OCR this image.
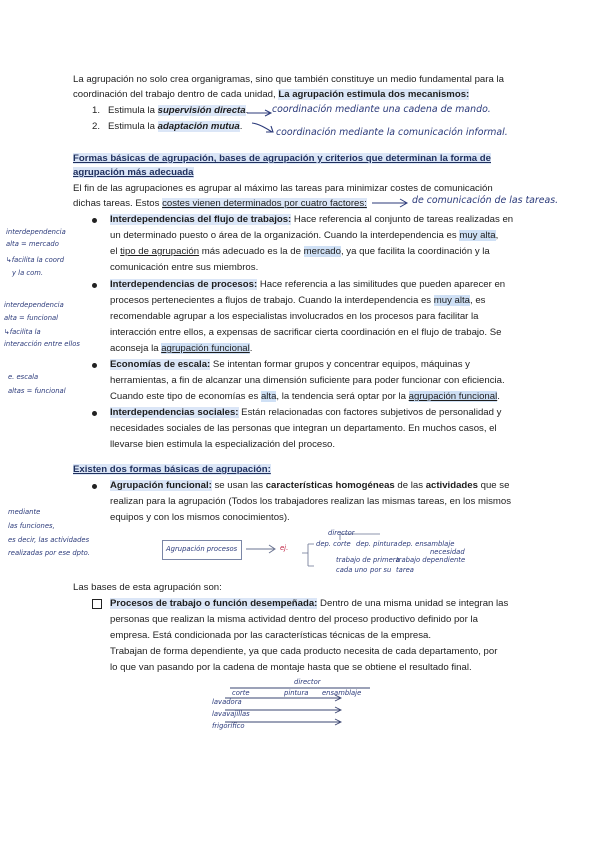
La agrupación no solo crea organigramas, sino que también constituye un medio fundamental para la
coordinación del trabajo dentro de cada unidad, La agrupación estimula dos mecanismos:
1. Estimula la supervisión directa.	coordinación mediante una cadena de mando.
2. Estimula la adaptación mutua.
coordinación mediante la comunicación informal.
Formas básicas de agrupación, bases de agrupación y criterios que determinan la forma de
agrupación más adecuada
El fin de las agrupaciones es agrupar al máximo las tareas para minimizar costes de comunicación
dichas tareas. Estos costes vienen determinados por cuatro factores:	de comunicación de las tareas.
Interdependencias del flujo de trabajos: Hace referencia al conjunto de tareas realizadas en
un determinado puesto o área de la organización. Cuando la interdependencia es muy alta,
el tipo de agrupación más adecuado es la de mercado, ya que facilita la coordinación y la
comunicación entre sus miembros.
Interdependencias de procesos: Hace referencia a las similitudes que pueden aparecer en
procesos pertenecientes a flujos de trabajo. Cuando la interdependencia es muy alta, es
recomendable agrupar a los especialistas involucrados en los procesos para facilitar la
interacción entre ellos, a expensas de sacrificar cierta coordinación en el flujo de trabajo. Se
aconseja la agrupación funcional.
Economías de escala: Se intentan formar grupos y concentrar equipos, máquinas y
herramientas, a fin de alcanzar una dimensión suficiente para poder funcionar con eficiencia.
Cuando este tipo de economías es alta, la tendencia será optar por la agrupación funcional.
Interdependencias sociales: Están relacionadas con factores subjetivos de personalidad y
necesidades sociales de las personas que integran un departamento. En muchos casos, el
llevarse bien estimula la especialización del proceso.
interdependencia
alta = mercado
↳facilita la coord
y la com.
interdependencia
alta = funcional
↳facilita la
interacción entre ellos
e. escala
altas = funcional
Existen dos formas básicas de agrupación:
Agrupación funcional: se usan las características homogéneas de las actividades que se
realizan para la agrupación (Todos los trabajadores realizan las mismas tareas, en los mismos
equipos y con los mismos conocimientos).
mediante
las funciones,
es decir, las actividades
realizadas por ese dpto.	Agrupación procesos	ej.
director
dep. corte dep. pintura dep. ensamblaje
trabajo de primera
trabajo dependiente
necesidad
cada uno por su tarea
Las bases de esta agrupación son:
Procesos de trabajo o función desempeñada: Dentro de una misma unidad se integran las
personas que realizan la misma actividad dentro del proceso productivo definido por la
empresa. Está condicionada por las características técnicas de la empresa.
Trabajan de forma dependiente, ya que cada producto necesita de cada departamento, por
lo que van pasando por la cadena de montaje hasta que se obtiene el resultado final.
director
corte	pintura ensamblaje
lavadora
lavavajillas
frigorífico
